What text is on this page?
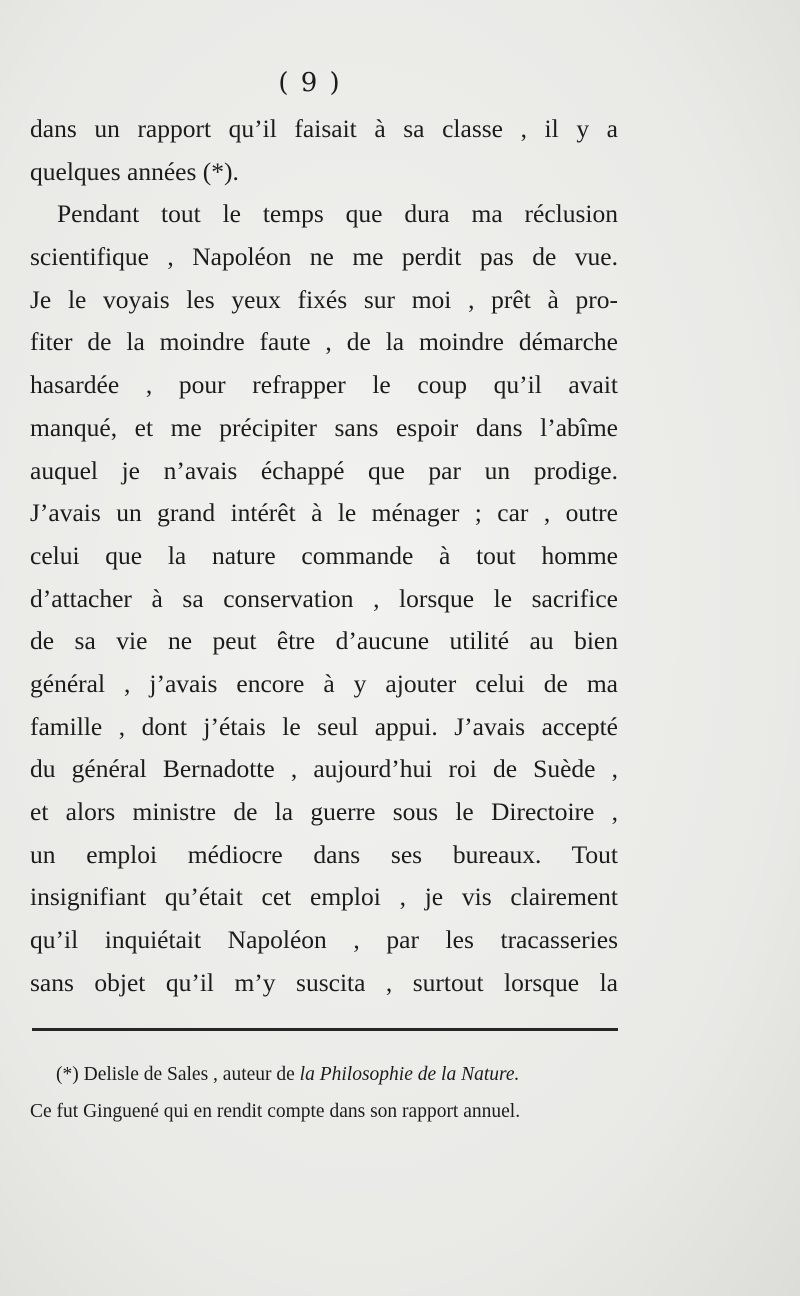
( 9 )
dans un rapport qu’il faisait à sa classe , il y a
quelques années (*).
Pendant tout le temps que dura ma réclusion
scientifique , Napoléon ne me perdit pas de vue.
Je le voyais les yeux fixés sur moi , prêt à pro-
fiter de la moindre faute , de la moindre démarche
hasardée , pour refrapper le coup qu’il avait
manqué, et me précipiter sans espoir dans l’abîme
auquel je n’avais échappé que par un prodige.
J’avais un grand intérêt à le ménager ; car , outre
celui que la nature commande à tout homme
d’attacher à sa conservation , lorsque le sacrifice
de sa vie ne peut être d’aucune utilité au bien
général , j’avais encore à y ajouter celui de ma
famille , dont j’étais le seul appui. J’avais accepté
du général Bernadotte , aujourd’hui roi de Suède ,
et alors ministre de la guerre sous le Directoire ,
un emploi médiocre dans ses bureaux. Tout
insignifiant qu’était cet emploi , je vis clairement
qu’il inquiétait Napoléon , par les tracasseries
sans objet qu’il m’y suscita , surtout lorsque la
(*) Delisle de Sales , auteur de la Philosophie de la Nature.
Ce fut Ginguené qui en rendit compte dans son rapport annuel.
